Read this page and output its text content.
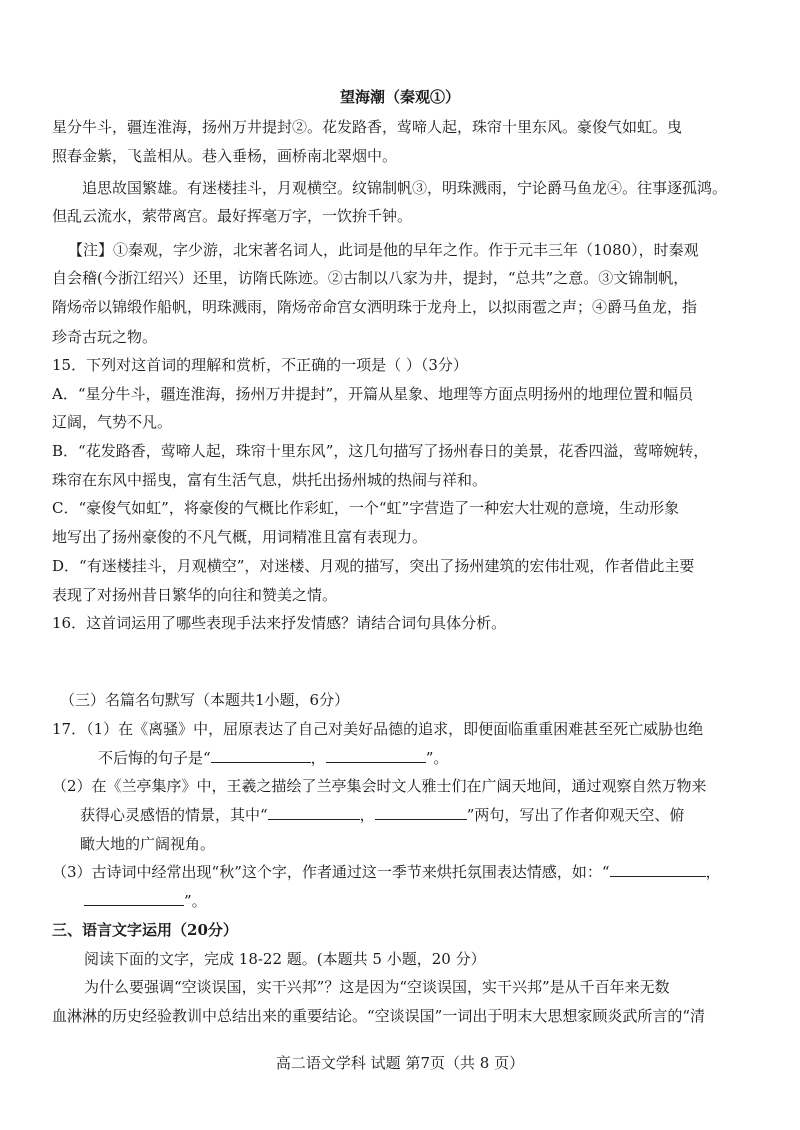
望海潮（秦观①）
星分牛斗，疆连淮海，扬州万井提封②。花发路香，莺啼人起，珠帘十里东风。豪俊气如虹。曳
照春金紫，飞盖相从。巷入垂杨，画桥南北翠烟中。
追思故国繁雄。有迷楼挂斗，月观横空。纹锦制帆③，明珠溅雨，宁论爵马鱼龙④。往事逐孤鸿。
但乱云流水，萦带离宫。最好挥毫万字，一饮拚千钟。
【注】①秦观，字少游，北宋著名词人，此词是他的早年之作。作于元丰三年（1080），时秦观
自会稽(今浙江绍兴）还里，访隋氏陈迹。②古制以八家为井，提封，“总共”之意。③文锦制帆，
隋炀帝以锦缎作船帆，明珠溅雨，隋炀帝命宫女洒明珠于龙舟上，以拟雨雹之声；④爵马鱼龙，指
珍奇古玩之物。
15．下列对这首词的理解和赏析，不正确的一项是（ ）（3分）
A．“星分牛斗，疆连淮海，扬州万井提封”，开篇从星象、地理等方面点明扬州的地理位置和幅员
辽阔，气势不凡。
B．“花发路香，莺啼人起，珠帘十里东风”，这几句描写了扬州春日的美景，花香四溢，莺啼婉转，
珠帘在东风中摇曳，富有生活气息，烘托出扬州城的热闹与祥和。
C．“豪俊气如虹”，将豪俊的气概比作彩虹，一个“虹”字营造了一种宏大壮观的意境，生动形象
地写出了扬州豪俊的不凡气概，用词精准且富有表现力。
D．“有迷楼挂斗，月观横空”，对迷楼、月观的描写，突出了扬州建筑的宏伟壮观，作者借此主要
表现了对扬州昔日繁华的向往和赞美之情。
16．这首词运用了哪些表现手法来抒发情感？请结合词句具体分析。
（三）名篇名句默写（本题共1小题，6分）
17．（1）在《离骚》中，屈原表达了自己对美好品德的追求，即便面临重重困难甚至死亡威胁也绝
不后悔的句子是“	，	”。
（2）在《兰亭集序》中，王羲之描绘了兰亭集会时文人雅士们在广阔天地间，通过观察自然万物来
获得心灵感悟的情景，其中“	，	”两句，写出了作者仰观天空、俯
瞰大地的广阔视角。
（3）古诗词中经常出现“秋”这个字，作者通过这一季节来烘托氛围表达情感，如：“	，
”。
三、语言文字运用（20分）
阅读下面的文字，完成 18-22 题。(本题共 5 小题，20 分）
为什么要强调“空谈误国，实干兴邦”？这是因为“空谈误国，实干兴邦”是从千百年来无数
血淋淋的历史经验教训中总结出来的重要结论。“空谈误国”一词出于明末大思想家顾炎武所言的“清
高二语文学科 试题 第7页（共 8 页）
